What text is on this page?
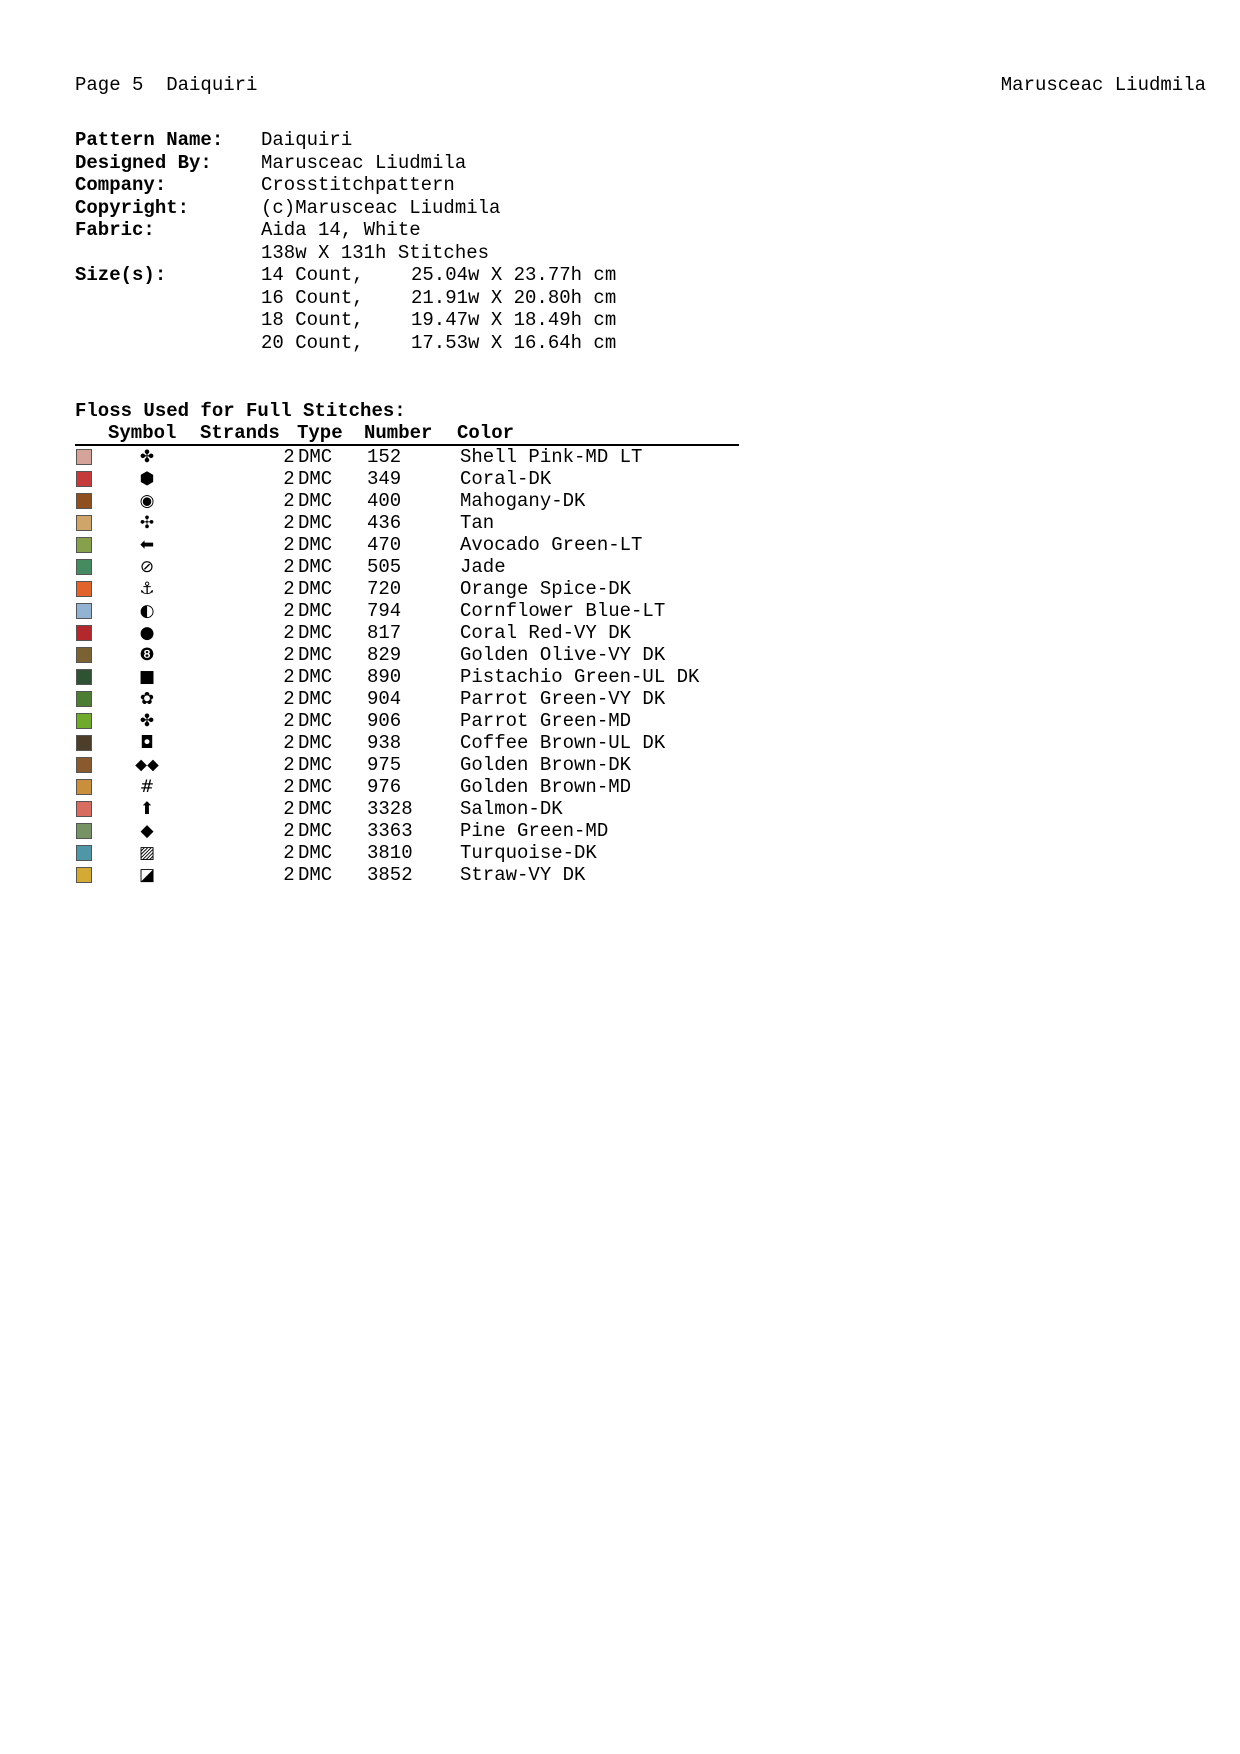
Page 5  Daiquiri	Marusceac Liudmila
Pattern Name:	Daiquiri
Designed By:	Marusceac Liudmila
Company:	Crosstitchpattern
Copyright:	(c)Marusceac Liudmila
Fabric:	Aida 14, White
138w X 131h Stitches
Size(s):	14 Count, 25.04w X 23.77h cm
16 Count, 21.91w X 20.80h cm
18 Count, 19.47w X 18.49h cm
20 Count, 17.53w X 16.64h cm
Floss Used for Full Stitches:
Symbol Strands Type Number Color
✤	2 DMC 152	Shell Pink-MD LT
⬢	2 DMC 349	Coral-DK
◉	2 DMC 400	Mahogany-DK
✣	2 DMC 436	Tan
⬅	2 DMC 470	Avocado Green-LT
⊘	2 DMC 505	Jade
⚓	2 DMC 720	Orange Spice-DK
◐	2 DMC 794	Cornflower Blue-LT
●	2 DMC 817	Coral Red-VY DK
❽	2 DMC 829	Golden Olive-VY DK
■	2 DMC 890	Pistachio Green-UL DK
✿	2 DMC 904	Parrot Green-VY DK
✤	2 DMC 906	Parrot Green-MD
◘	2 DMC 938	Coffee Brown-UL DK
⬥⬥	2 DMC 975	Golden Brown-DK
#	2 DMC 976	Golden Brown-MD
⬆	2 DMC 3328 Salmon-DK
◆	2 DMC 3363 Pine Green-MD
▨	2 DMC 3810 Turquoise-DK
◪	2 DMC 3852 Straw-VY DK
